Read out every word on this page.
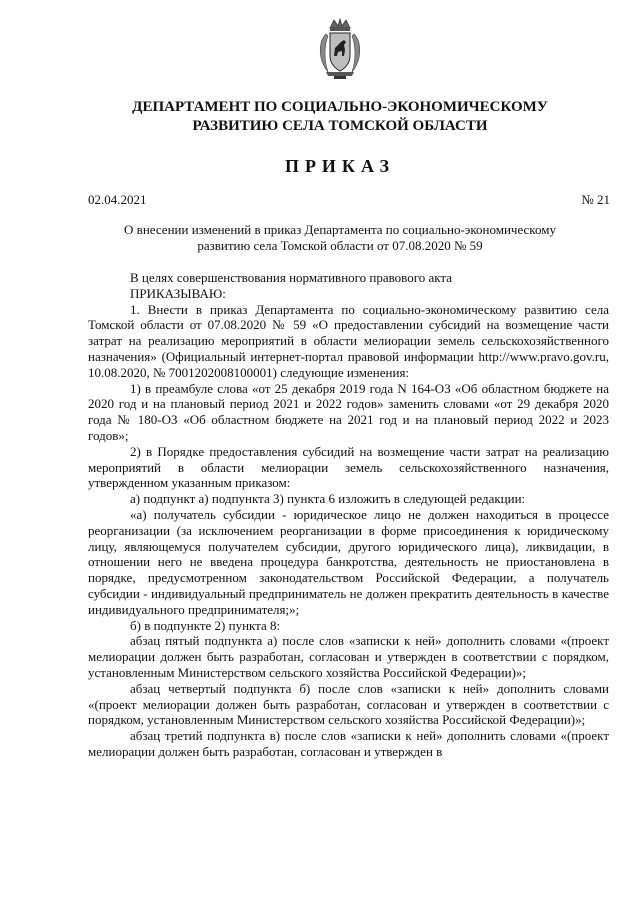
ДЕПАРТАМЕНТ ПО СОЦИАЛЬНО-ЭКОНОМИЧЕСКОМУ
РАЗВИТИЮ СЕЛА ТОМСКОЙ ОБЛАСТИ
ПРИКАЗ
02.04.2021	№ 21
О внесении изменений в приказ Департамента по социально-экономическому
развитию села Томской области от 07.08.2020 № 59

В целях совершенствования нормативного правового акта

ПРИКАЗЫВАЮ:

1. Внести в приказ Департамента по социально-экономическому развитию села Томской области от 07.08.2020 № 59 «О предоставлении субсидий на возмещение части затрат на реализацию мероприятий в области мелиорации земель сельскохозяйственного назначения» (Официальный интернет-портал правовой информации http://www.pravo.gov.ru, 10.08.2020, № 7001202008100001) следующие изменения:

1) в преамбуле слова «от 25 декабря 2019 года N 164-ОЗ «Об областном бюджете на 2020 год и на плановый период 2021 и 2022 годов» заменить словами «от 29 декабря 2020 года № 180-ОЗ «Об областном бюджете на 2021 год и на плановый период 2022 и 2023 годов»;

2) в Порядке предоставления субсидий на возмещение части затрат на реализацию мероприятий в области мелиорации земель сельскохозяйственного назначения, утвержденном указанным приказом:

а) подпункт а) подпункта 3) пункта 6 изложить в следующей редакции:

«а) получатель субсидии - юридическое лицо не должен находиться в процессе реорганизации (за исключением реорганизации в форме присоединения к юридическому лицу, являющемуся получателем субсидии, другого юридического лица), ликвидации, в отношении него не введена процедура банкротства, деятельность не приостановлена в порядке, предусмотренном законодательством Российской Федерации, а получатель субсидии - индивидуальный предприниматель не должен прекратить деятельность в качестве индивидуального предпринимателя;»;

б) в подпункте 2) пункта 8:

абзац пятый подпункта а) после слов «записки к ней» дополнить словами «(проект мелиорации должен быть разработан, согласован и утвержден в соответствии с порядком, установленным Министерством сельского хозяйства Российской Федерации)»;

абзац четвертый подпункта б) после слов «записки к ней» дополнить словами «(проект мелиорации должен быть разработан, согласован и утвержден в соответствии с порядком, установленным Министерством сельского хозяйства Российской Федерации)»;

абзац третий подпункта в) после слов «записки к ней» дополнить словами «(проект мелиорации должен быть разработан, согласован и утвержден в
